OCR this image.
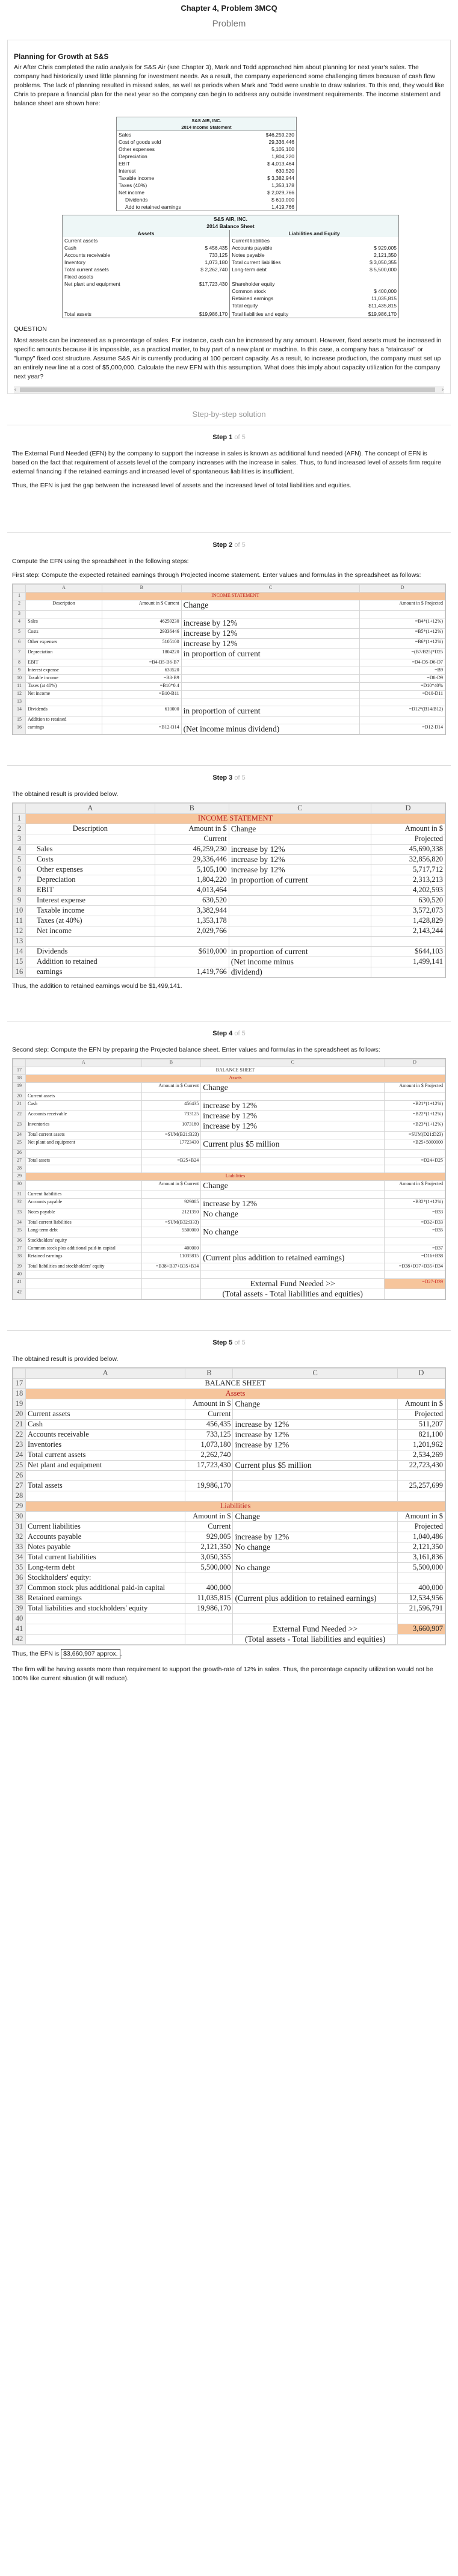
Chapter 4, Problem 3MCQ
Problem
Planning for Growth at S&S
Air After Chris completed the ratio analysis for S&S Air (see Chapter 3), Mark and Todd approached him about planning for next year's sales. The company had historically used little planning for investment needs. As a result, the company experienced some challenging times because of cash flow problems. The lack of planning resulted in missed sales, as well as periods when Mark and Todd were unable to draw salaries. To this end, they would like Chris to prepare a financial plan for the next year so the company can begin to address any outside investment requirements. The income statement and balance sheet are shown here:
S&S AIR, INC.	
2014 Income Statement	
Sales	$46,259,230
Cost of goods sold	29,336,446
Other expenses	5,105,100
Depreciation	1,804,220
EBIT	$ 4,013,464
Interest	630,520
Taxable income	$ 3,382,944
Taxes (40%)	1,353,178
Net income	$ 2,029,766
Dividends	$ 610,000
Add to retained earnings	1,419,766
S&S AIR, INC.			
2014 Balance Sheet			
Assets		Liabilities and Equity	
Current assets		Current liabilities	
Cash	$ 456,435	Accounts payable	$ 929,005
Accounts receivable	733,125	Notes payable	2,121,350
Inventory	1,073,180	Total current liabilities	$ 3,050,355
Total current assets	$ 2,262,740	Long-term debt	$ 5,500,000
Fixed assets			
Net plant and equipment	$17,723,430	Shareholder equity	
		Common stock	$ 400,000
		Retained earnings	11,035,815
		Total equity	$11,435,815

Total assets	$19,986,170	Total liabilities and equity	$19,986,170
QUESTION
Most assets can be increased as a percentage of sales. For instance, cash can be increased by any amount. However, fixed assets must be increased in specific amounts because it is impossible, as a practical matter, to buy part of a new plant or machine. In this case, a company has a "staircase" or "lumpy" fixed cost structure. Assume S&S Air is currently producing at 100 percent capacity. As a result, to increase production, the company must set up an entirely new line at a cost of $5,000,000. Calculate the new EFN with this assumption. What does this imply about capacity utilization for the company next year?
‹	›
Step-by-step solution
Step 1 of 5
The External Fund Needed (EFN) by the company to support the increase in sales is known as additional fund needed (AFN). The concept of EFN is based on the fact that requirement of assets level of the company increases with the increase in sales. Thus, to fund increased level of assets firm require external financing if the retained earnings and increased level of spontaneous liabilities is insufficient.
Thus, the EFN is just the gap between the increased level of assets and the increased level of total liabilities and equities.
Step 2 of 5
Compute the EFN using the spreadsheet in the following steps:
First step: Compute the expected retained earnings through Projected income statement. Enter values and formulas in the spreadsheet as follows:
	A	B	C	D
1	INCOME STATEMENT			
2	Description	Amount in $ Current	Change	Amount in $ Projected
3				
4	Sales	46259230	increase by 12%	=B4*(1+12%)
5	Costs	29336446	increase by 12%	=B5*(1+12%)
6	Other expenses	5105100	increase by 12%	=B6*(1+12%)
7	Depreciation	1804220	in proportion of current	=(B7/B25)*D25
8	EBIT	=B4-B5-B6-B7		=D4-D5-D6-D7
9	Interest expense	630520		=B9
10	Taxable income	=B8-B9		=D8-D9
11	Taxes (at 40%)	=B10*0.4		=D10*40%
12	Net income	=B10-B11		=D10-D11
13				
14	Dividends	610000	in proportion of current	=D12*(B14/B12)
15	Addition to retained			
16	earnings	=B12-B14	(Net income minus dividend)	=D12-D14
Step 3 of 5
The obtained result is provided below.
	A	B	C	D
1	INCOME STATEMENT			
2	Description	Amount in $	Change	Amount in $
3		Current		Projected
4	Sales	46,259,230	increase by 12%	45,690,338
5	Costs	29,336,446	increase by 12%	32,856,820
6	Other expenses	5,105,100	increase by 12%	5,717,712
7	Depreciation	1,804,220	in proportion of current	2,313,213
8	EBIT	4,013,464		4,202,593
9	Interest expense	630,520		630,520
10	Taxable income	3,382,944		3,572,073
11	Taxes (at 40%)	1,353,178		1,428,829
12	Net income	2,029,766		2,143,244
13				
14	Dividends	$610,000	in proportion of current	$644,103
15	Addition to retained		(Net income minus	1,499,141
16	earnings	1,419,766	dividend)	
Thus, the addition to retained earnings would be $1,499,141.
Step 4 of 5
Second step: Compute the EFN by preparing the Projected balance sheet. Enter values and formulas in the spreadsheet as follows:
	A	B	C	D
17	BALANCE SHEET			
18	Assets			
19		Amount in $ Current	Change	Amount in $ Projected
20	Current assets			
21	Cash	456435	increase by 12%	=B21*(1+12%)
22	Accounts receivable	733125	increase by 12%	=B22*(1+12%)
23	Inventories	1073180	increase by 12%	=B23*(1+12%)
24	Total current assets	=SUM(B21:B23)		=SUM(D21:D23)
25	Net plant and equipment	17723430	Current plus $5 million	=B25+5000000
26				
27	Total assets	=B25+B24		=D24+D25
28				
29	Liabilities			
30		Amount in $ Current	Change	Amount in $ Projected
31	Current liabilities			
32	Accounts payable	929005	increase by 12%	=B32*(1+12%)
33	Notes payable	2121350	No change	=B33
34	Total current liabilities	=SUM(B32:B33)		=D32+D33
35	Long-term debt	5500000	No change	=B35
36	Stockholders' equity			
37	Common stock plus additional paid-in capital	400000		=B37
38	Retained earnings	11035815	(Current plus addition to retained earnings)	=D16+B38
39	Total liabilities and stockholders' equity	=B38+B37+B35+B34		=D38+D37+D35+D34
40				
41			External Fund Needed >>	=D27-D39
42			(Total assets - Total liabilities and equities)	
Step 5 of 5
The obtained result is provided below.
	A	B	C	D
17	BALANCE SHEET			
18	Assets			
19		Amount in $	Change	Amount in $
20	Current assets	Current		Projected
21	Cash	456,435	increase by 12%	511,207
22	Accounts receivable	733,125	increase by 12%	821,100
23	Inventories	1,073,180	increase by 12%	1,201,962
24	Total current assets	2,262,740		2,534,269
25	Net plant and equipment	17,723,430	Current plus $5 million	22,723,430
26				
27	Total assets	19,986,170		25,257,699
28				
29	Liabilities			
30		Amount in $	Change	Amount in $
31	Current liabilities	Current		Projected
32	Accounts payable	929,005	increase by 12%	1,040,486
33	Notes payable	2,121,350	No change	2,121,350
34	Total current liabilities	3,050,355		3,161,836
35	Long-term debt	5,500,000	No change	5,500,000
36	Stockholders' equity:			
37	Common stock plus additional paid-in capital	400,000		400,000
38	Retained earnings	11,035,815	(Current plus addition to retained earnings)	12,534,956
39	Total liabilities and stockholders' equity	19,986,170		21,596,791
40				
41			External Fund Needed >>	3,660,907
42			(Total assets - Total liabilities and equities)	
Thus, the EFN is $3,660,907 approx. .
The firm will be having assets more than requirement to support the growth-rate of 12% in sales. Thus, the percentage capacity utilization would not be 100% like current situation (it will reduce).
